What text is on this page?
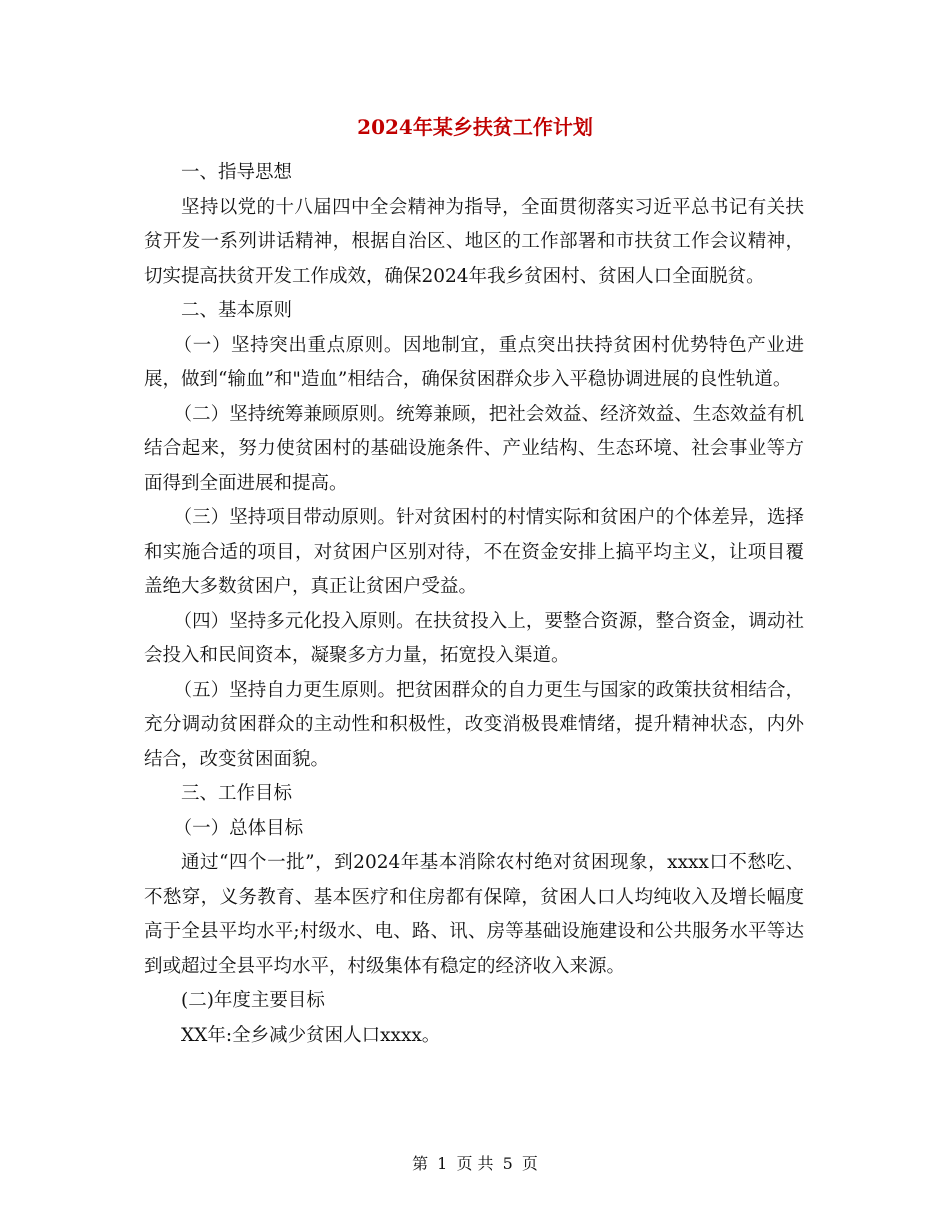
2024年某乡扶贫工作计划

一、指导思想

坚持以党的十八届四中全会精神为指导，全面贯彻落实习近平总书记有关扶贫开发一系列讲话精神，根据自治区、地区的工作部署和市扶贫工作会议精神，切实提高扶贫开发工作成效，确保2024年我乡贫困村、贫困人口全面脱贫。

二、基本原则

（一）坚持突出重点原则。因地制宜，重点突出扶持贫困村优势特色产业进展，做到“输血”和"造血”相结合，确保贫困群众步入平稳协调进展的良性轨道。

（二）坚持统筹兼顾原则。统筹兼顾，把社会效益、经济效益、生态效益有机结合起来，努力使贫困村的基础设施条件、产业结构、生态环境、社会事业等方面得到全面进展和提高。

（三）坚持项目带动原则。针对贫困村的村情实际和贫困户的个体差异，选择和实施合适的项目，对贫困户区别对待，不在资金安排上搞平均主义，让项目覆盖绝大多数贫困户，真正让贫困户受益。

（四）坚持多元化投入原则。在扶贫投入上，要整合资源，整合资金，调动社会投入和民间资本，凝聚多方力量，拓宽投入渠道。

（五）坚持自力更生原则。把贫困群众的自力更生与国家的政策扶贫相结合，充分调动贫困群众的主动性和积极性，改变消极畏难情绪，提升精神状态，内外结合，改变贫困面貌。

三、工作目标

（一）总体目标

通过“四个一批”，到2024年基本消除农村绝对贫困现象，xxxx口不愁吃、不愁穿，义务教育、基本医疗和住房都有保障，贫困人口人均纯收入及增长幅度高于全县平均水平;村级水、电、路、讯、房等基础设施建设和公共服务水平等达到或超过全县平均水平，村级集体有稳定的经济收入来源。

(二)年度主要目标

XX年:全乡减少贫困人口xxxx。

第 1 页 共 5 页
